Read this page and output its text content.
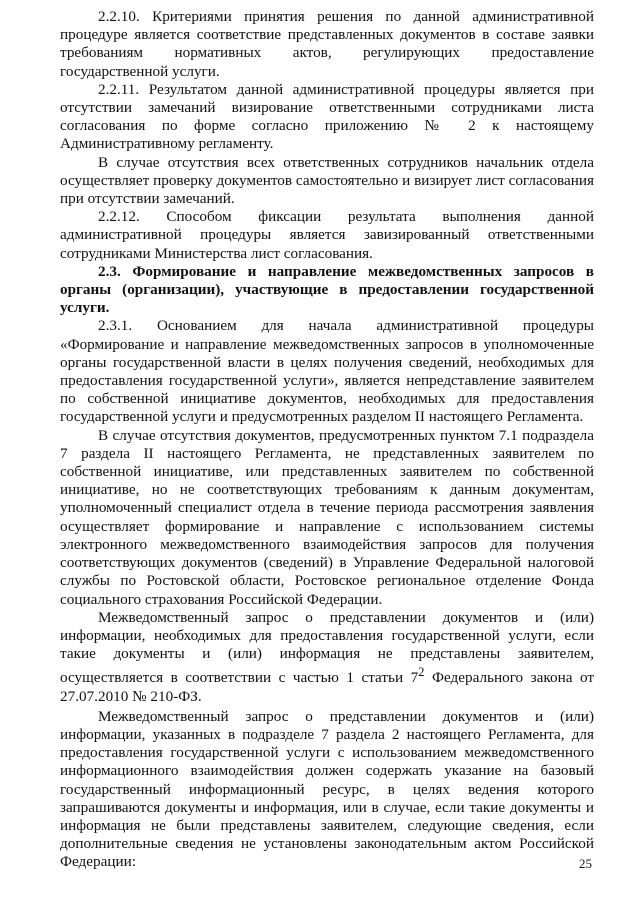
2.2.10. Критериями принятия решения по данной административной процедуре является соответствие представленных документов в составе заявки требованиям нормативных актов, регулирующих предоставление государственной услуги.

2.2.11. Результатом данной административной процедуры является при отсутствии замечаний визирование ответственными сотрудниками листа согласования по форме согласно приложению № 2 к настоящему Административному регламенту.

В случае отсутствия всех ответственных сотрудников начальник отдела осуществляет проверку документов самостоятельно и визирует лист согласования при отсутствии замечаний.

2.2.12. Способом фиксации результата выполнения данной административной процедуры является завизированный ответственными сотрудниками Министерства лист согласования.

2.3. Формирование и направление межведомственных запросов в органы (организации), участвующие в предоставлении государственной услуги.

2.3.1. Основанием для начала административной процедуры «Формирование и направление межведомственных запросов в уполномоченные органы государственной власти в целях получения сведений, необходимых для предоставления государственной услуги», является непредставление заявителем по собственной инициативе документов, необходимых для предоставления государственной услуги и предусмотренных разделом II настоящего Регламента.

В случае отсутствия документов, предусмотренных пунктом 7.1 подраздела 7 раздела II настоящего Регламента, не представленных заявителем по собственной инициативе, или представленных заявителем по собственной инициативе, но не соответствующих требованиям к данным документам, уполномоченный специалист отдела в течение периода рассмотрения заявления осуществляет формирование и направление с использованием системы электронного межведомственного взаимодействия запросов для получения соответствующих документов (сведений) в Управление Федеральной налоговой службы по Ростовской области, Ростовское региональное отделение Фонда социального страхования Российской Федерации.

Межведомственный запрос о представлении документов и (или) информации, необходимых для предоставления государственной услуги, если такие документы и (или) информация не представлены заявителем, осуществляется в соответствии с частью 1 статьи $7^2$ Федерального закона от 27.07.2010 № 210-ФЗ.

Межведомственный запрос о представлении документов и (или) информации, указанных в подразделе 7 раздела 2 настоящего Регламента, для предоставления государственной услуги с использованием межведомственного информационного взаимодействия должен содержать указание на базовый государственный информационный ресурс, в целях ведения которого запрашиваются документы и информация, или в случае, если такие документы и информация не были представлены заявителем, следующие сведения, если дополнительные сведения не установлены законодательным актом Российской Федерации:	25
